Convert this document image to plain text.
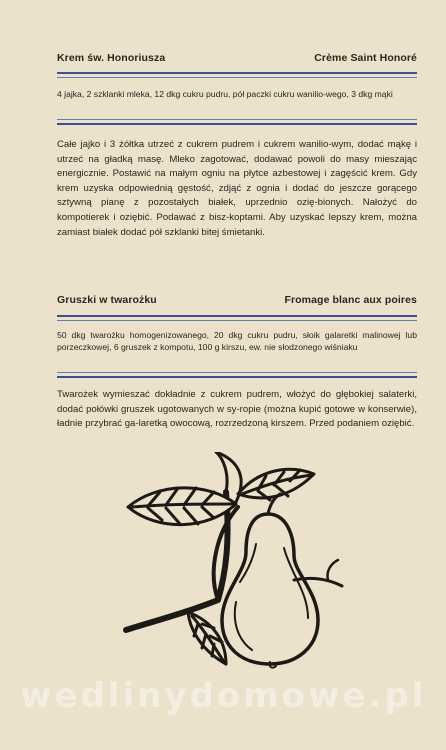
Krem św. Honoriusza	Crème Saint Honoré
4 jajka, 2 szklanki mleka, 12 dkg cukru pudru, pół paczki cukru wanilio-wego, 3 dkg mąki
Całe jajko i 3 żółtka utrzeć z cukrem pudrem i cukrem wanilio-wym, dodać mąkę i utrzeć na gładką masę. Mleko zagotować, dodawać powoli do masy mieszając energicznie. Postawić na małym ogniu na płytce azbestowej i zagęścić krem. Gdy krem uzyska odpowiednią gęstość, zdjąć z ognia i dodać do jeszcze gorącego sztywną pianę z pozostałych białek, uprzednio ozię-bionych. Nałożyć do kompotierek i oziębić. Podawać z bisz-koptami. Aby uzyskać lepszy krem, można zamiast białek dodać pół szklanki bitej śmietanki.
Gruszki w twarożku	Fromage blanc aux poires
50 dkg twarożku homogenizowanego, 20 dkg cukru pudru, słoik galaretki malinowej lub porzeczkowej, 6 gruszek z kompotu, 100 g kirszu, ew. nie słodzonego wiśniaku
Twarożek wymieszać dokładnie z cukrem pudrem, włożyć do głębokiej salaterki, dodać połówki gruszek ugotowanych w sy-ropie (można kupić gotowe w konserwie), ładnie przybrać ga-laretką owocową, rozrzedzoną kirszem. Przed podaniem oziębić.
wedlinydomowe.pl
